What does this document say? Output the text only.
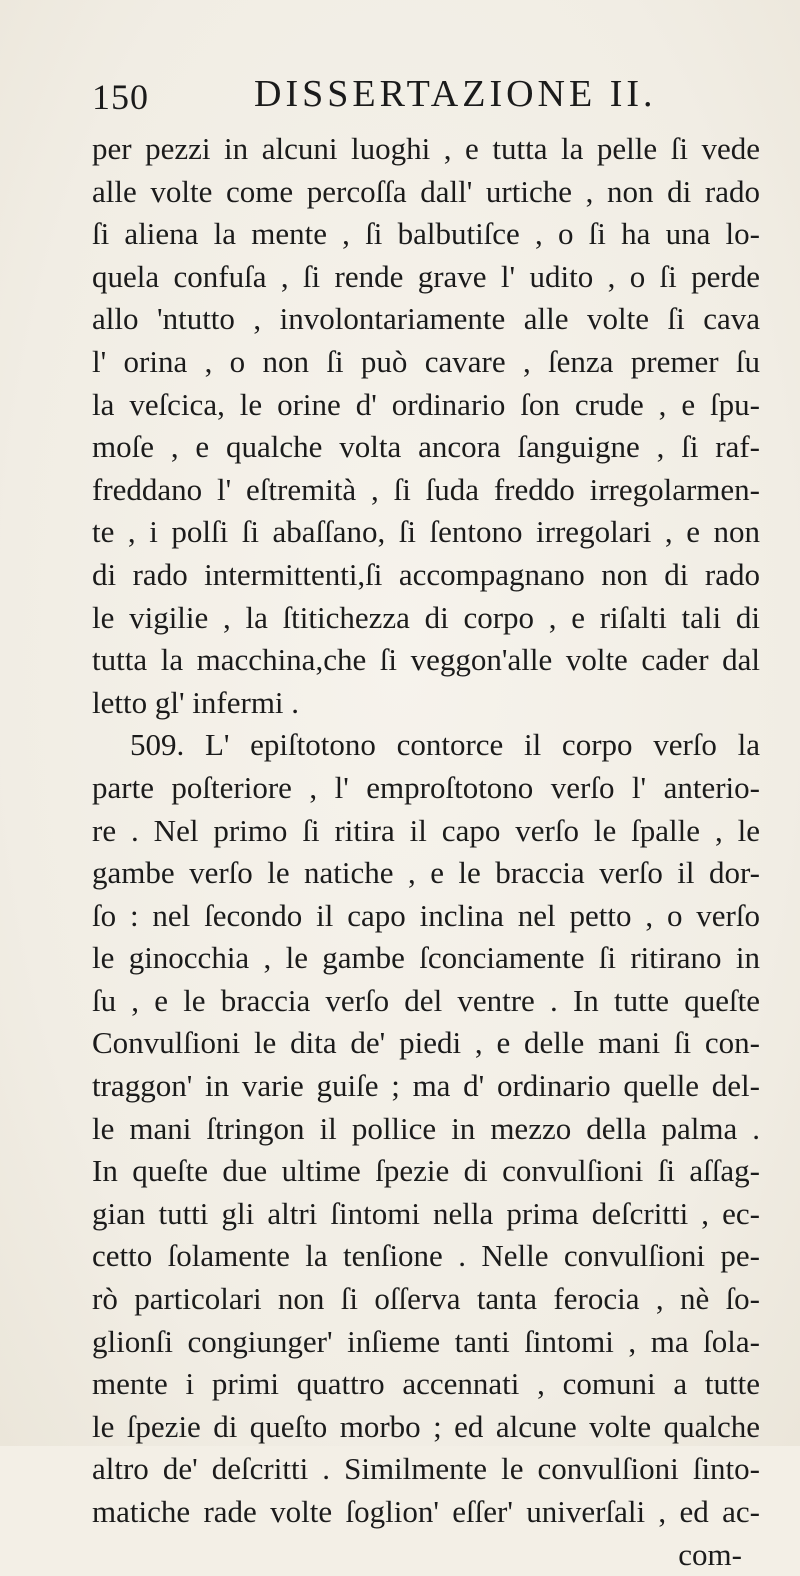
150	DISSERTAZIONE II.
per pezzi in alcuni luoghi , e tutta la pelle ſi vede
alle volte come percoſſa dall' urtiche , non di rado
ſi aliena la mente , ſi balbutiſce , o ſi ha una lo-
quela confuſa , ſi rende grave l' udito , o ſi perde
allo 'ntutto , involontariamente alle volte ſi cava
l' orina , o non ſi può cavare , ſenza premer ſu
la veſcica, le orine d' ordinario ſon crude , e ſpu-
moſe , e qualche volta ancora ſanguigne , ſi raf-
freddano l' eſtremità , ſi ſuda freddo irregolarmen-
te , i polſi ſi abaſſano, ſi ſentono irregolari , e non
di rado intermittenti,ſi accompagnano non di rado
le vigilie , la ſtitichezza di corpo , e riſalti tali di
tutta la macchina,che ſi veggon'alle volte cader dal
letto gl' infermi .
509. L' epiſtotono contorce il corpo verſo la
parte poſteriore , l' emproſtotono verſo l' anterio-
re . Nel primo ſi ritira il capo verſo le ſpalle , le
gambe verſo le natiche , e le braccia verſo il dor-
ſo : nel ſecondo il capo inclina nel petto , o verſo
le ginocchia , le gambe ſconciamente ſi ritirano in
ſu , e le braccia verſo del ventre . In tutte queſte
Convulſioni le dita de' piedi , e delle mani ſi con-
traggon' in varie guiſe ; ma d' ordinario quelle del-
le mani ſtringon il pollice in mezzo della palma .
In queſte due ultime ſpezie di convulſioni ſi aſſag-
gian tutti gli altri ſintomi nella prima deſcritti , ec-
cetto ſolamente la tenſione . Nelle convulſioni pe-
rò particolari non ſi oſſerva tanta ferocia , nè ſo-
glionſi congiunger' inſieme tanti ſintomi , ma ſola-
mente i primi quattro accennati , comuni a tutte
le ſpezie di queſto morbo ; ed alcune volte qualche
altro de' deſcritti . Similmente le convulſioni ſinto-
matiche rade volte ſoglion' eſſer' univerſali , ed ac-
com-
